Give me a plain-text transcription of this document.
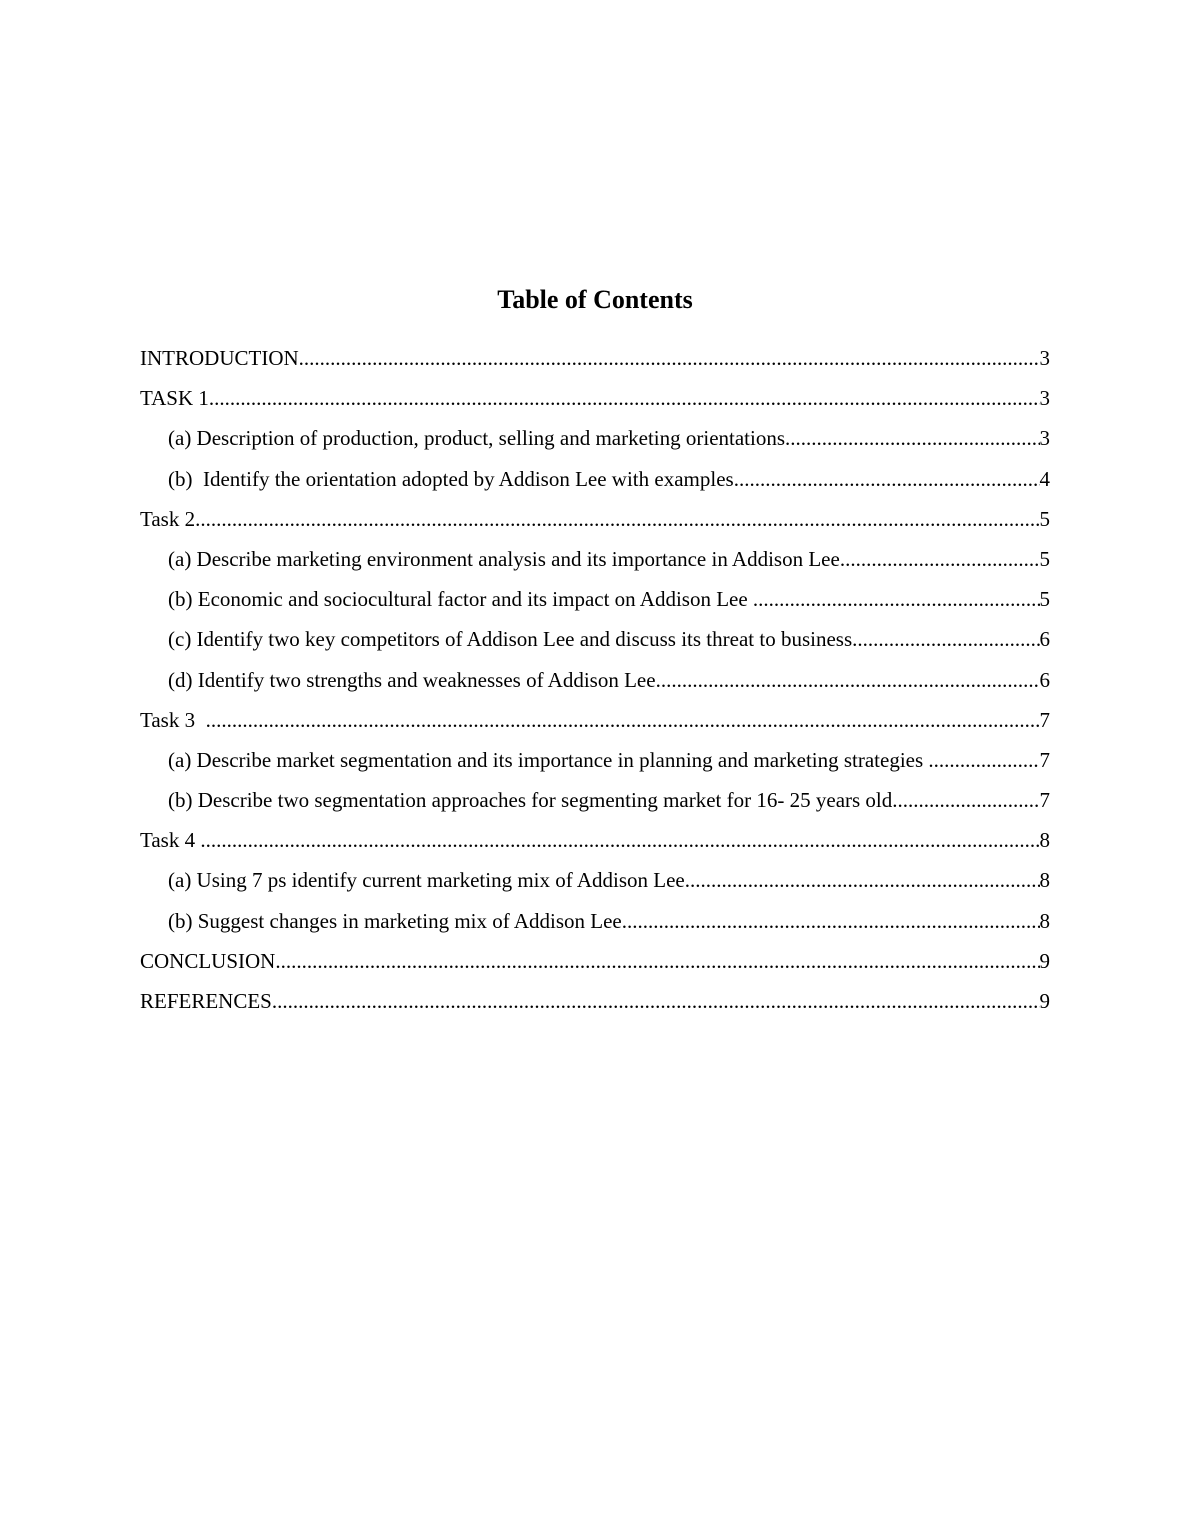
Table of Contents
INTRODUCTION .....	3
TASK 1 .....	3
(a) Description of production, product, selling and marketing orientations .....	3
(b)  Identify the orientation adopted by Addison Lee with examples .....	4
Task 2 .....	5
(a) Describe marketing environment analysis and its importance in Addison Lee .....	5
(b) Economic and sociocultural factor and its impact on Addison Lee .....	5
(c) Identify two key competitors of Addison Lee and discuss its threat to business .....	6
(d) Identify two strengths and weaknesses of Addison Lee .....	6
Task 3 .....	7
(a) Describe market segmentation and its importance in planning and marketing strategies .....	7
(b) Describe two segmentation approaches for segmenting market for 16- 25 years old .....	7
Task 4 .....	8
(a) Using 7 ps identify current marketing mix of Addison Lee .....	8
(b) Suggest changes in marketing mix of Addison Lee .....	8
CONCLUSION .....	9
REFERENCES .....	9
